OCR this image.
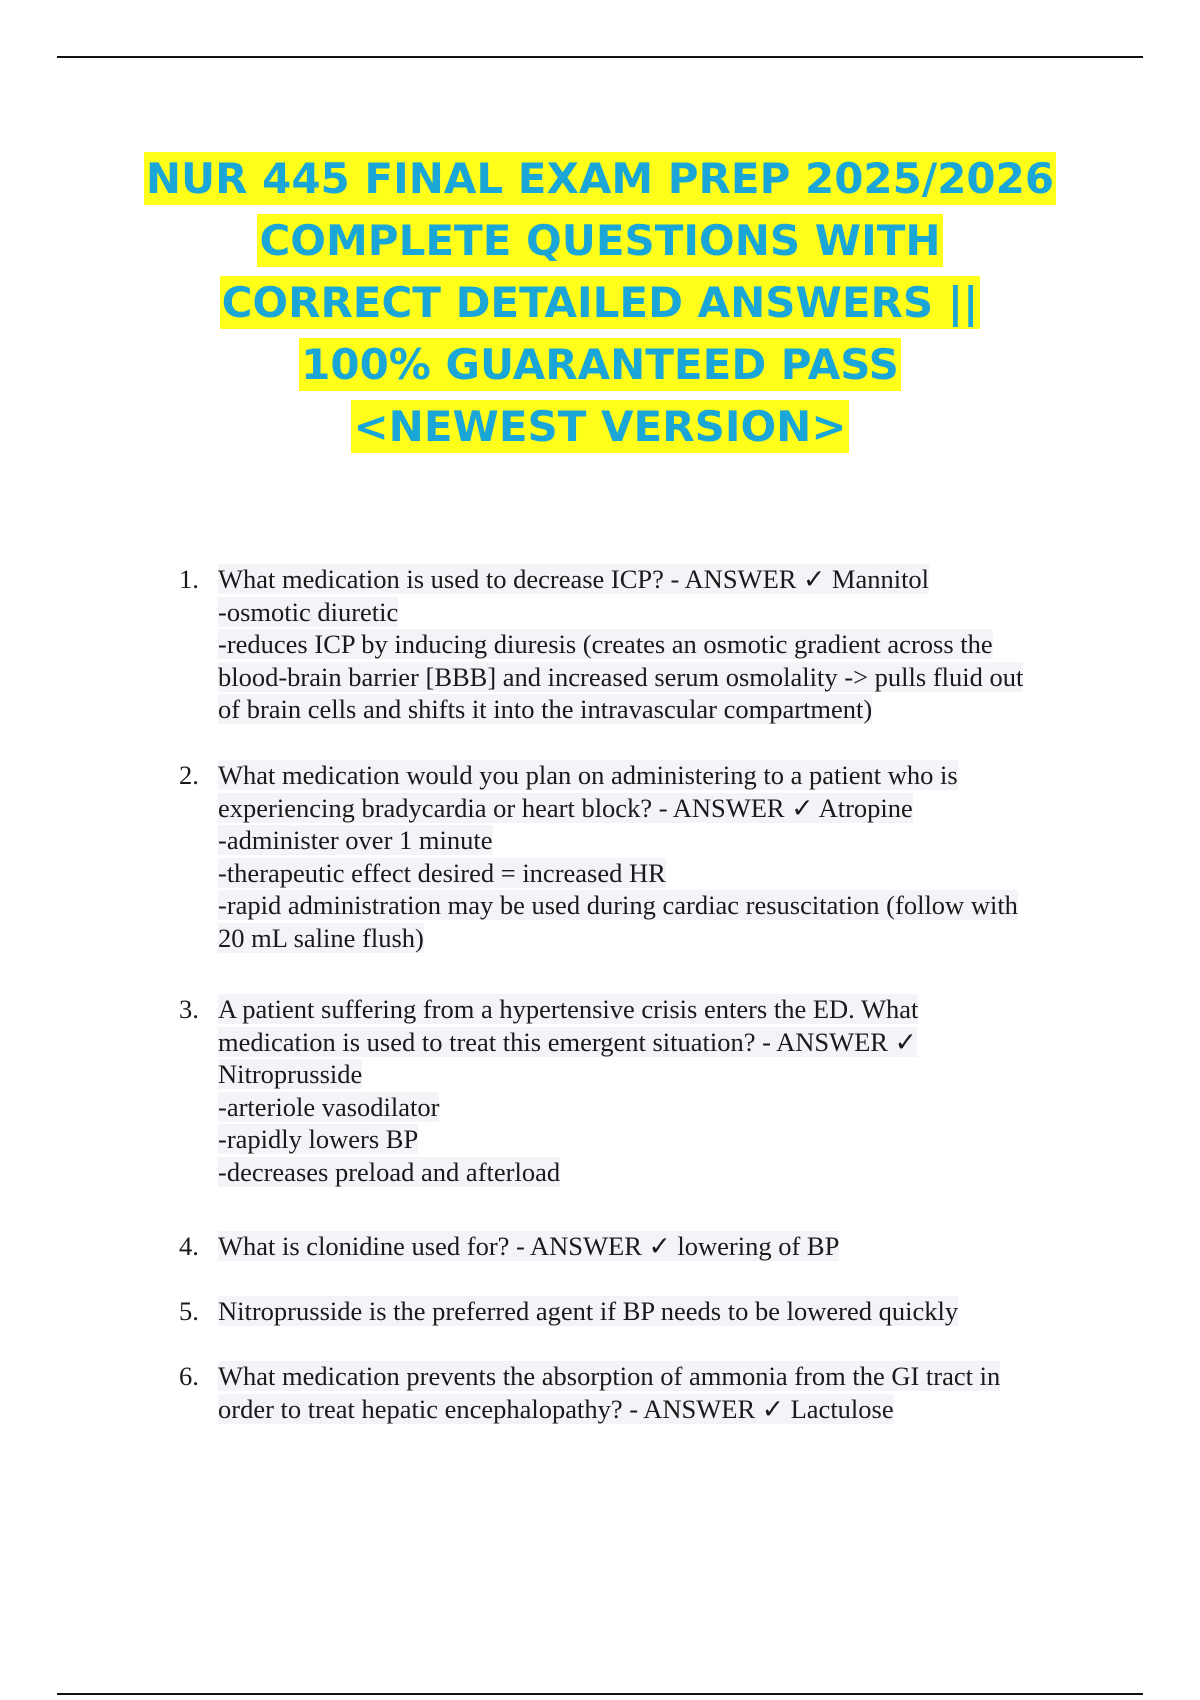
NUR 445 FINAL EXAM PREP 2025/2026
COMPLETE QUESTIONS WITH
CORRECT DETAILED ANSWERS ||
100% GUARANTEED PASS
<NEWEST VERSION>
1. What medication is used to decrease ICP? - ANSWER ✓ Mannitol
-osmotic diuretic
-reduces ICP by inducing diuresis (creates an osmotic gradient across the
blood-brain barrier [BBB] and increased serum osmolality -> pulls fluid out
of brain cells and shifts it into the intravascular compartment)
2. What medication would you plan on administering to a patient who is
experiencing bradycardia or heart block? - ANSWER ✓ Atropine
-administer over 1 minute
-therapeutic effect desired = increased HR
-rapid administration may be used during cardiac resuscitation (follow with
20 mL saline flush)
3. A patient suffering from a hypertensive crisis enters the ED. What
medication is used to treat this emergent situation? - ANSWER ✓
Nitroprusside
-arteriole vasodilator
-rapidly lowers BP
-decreases preload and afterload
4. What is clonidine used for? - ANSWER ✓ lowering of BP
5. Nitroprusside is the preferred agent if BP needs to be lowered quickly
6. What medication prevents the absorption of ammonia from the GI tract in
order to treat hepatic encephalopathy? - ANSWER ✓ Lactulose
